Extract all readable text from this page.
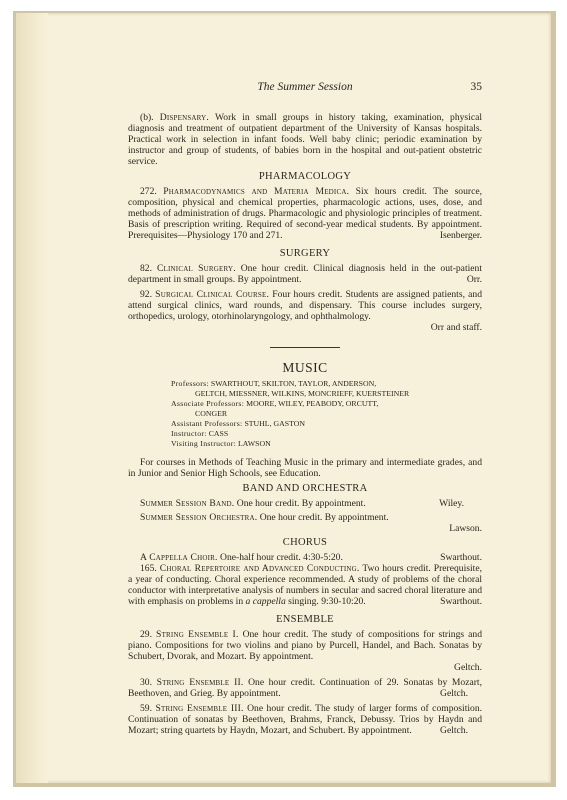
The Summer Session	35

(b). Dispensary. Work in small groups in history taking, examination, physical diagnosis and treatment of outpatient department of the University of Kansas hospitals. Practical work in selection in infant foods. Well baby clinic; periodic examination by instructor and group of students, of babies born in the hospital and out-patient obstetric service.

PHARMACOLOGY

272. Pharmacodynamics and Materia Medica. Six hours credit. The source, composition, physical and chemical properties, pharmacologic actions, uses, dose, and methods of administration of drugs. Pharmacologic and physiologic principles of treatment. Basis of prescription writing. Required of second-year medical students. By appointment. Prerequisites—Physiology 170 and 271.	Isenberger.

SURGERY

82. Clinical Surgery. One hour credit. Clinical diagnosis held in the out-patient department in small groups. By appointment.	Orr.

92. Surgical Clinical Course. Four hours credit. Students are assigned patients, and attend surgical clinics, ward rounds, and dispensary. This course includes surgery, orthopedics, urology, otorhinolaryngology, and ophthalmology.
Orr and staff.

MUSIC
Professors: SWARTHOUT, SKILTON, TAYLOR, ANDERSON,
GELTCH, MIESSNER, WILKINS, MONCRIEFF, KUERSTEINER
Associate Professors: MOORE, WILEY, PEABODY, ORCUTT,
CONGER
Assistant Professors: STUHL, GASTON
Instructor: CASS
Visiting Instructor: LAWSON

For courses in Methods of Teaching Music in the primary and intermediate grades, and in Junior and Senior High Schools, see Education.

BAND AND ORCHESTRA
Summer Session Band. One hour credit. By appointment.	Wiley.

Summer Session Orchestra. One hour credit. By appointment.
Lawson.

CHORUS
A Cappella Choir. One-half hour credit. 4:30-5:20.	Swarthout.

165. Choral Repertoire and Advanced Conducting. Two hours credit. Prerequisite, a year of conducting. Choral experience recommended. A study of problems of the choral conductor with interpretative analysis of numbers in secular and sacred choral literature and with emphasis on problems in a cappella singing. 9:30-10:20.	Swarthout.

ENSEMBLE

29. String Ensemble I. One hour credit. The study of compositions for strings and piano. Compositions for two violins and piano by Purcell, Handel, and Bach. Sonatas by Schubert, Dvorak, and Mozart. By appointment.
Geltch.

30. String Ensemble II. One hour credit. Continuation of 29. Sonatas by Mozart, Beethoven, and Grieg. By appointment.	Geltch.

59. String Ensemble III. One hour credit. The study of larger forms of composition. Continuation of sonatas by Beethoven, Brahms, Franck, Debussy. Trios by Haydn and Mozart; string quartets by Haydn, Mozart, and Schubert. By appointment.	Geltch.
